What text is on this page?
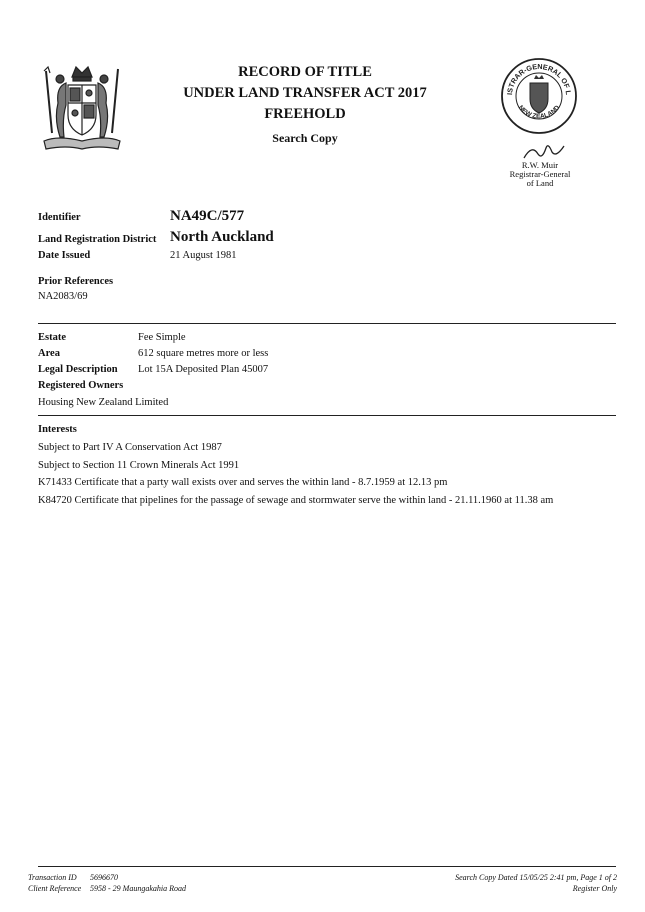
RECORD OF TITLE
UNDER LAND TRANSFER ACT 2017
FREEHOLD
Search Copy
ISTRAR-GENERAL OF L
NEW ZEALAND
R.W. Muir
Registrar-General
of Land
Identifier	NA49C/577
Land Registration District North Auckland
Date Issued	21 August 1981
Prior References
NA2083/69
Estate	Fee Simple
Area	612 square metres more or less
Legal Description Lot 15A Deposited Plan 45007
Registered Owners
Housing New Zealand Limited
Interests
Subject to Part IV A Conservation Act 1987
Subject to Section 11 Crown Minerals Act 1991
K71433 Certificate that a party wall exists over and serves the within land - 8.7.1959 at 12.13 pm
K84720 Certificate that pipelines for the passage of sewage and stormwater serve the within land - 21.11.1960 at 11.38 am
Transaction ID 5696670
Client Reference 5958 - 29 Maungakahia Road
Search Copy Dated 15/05/25 2:41 pm, Page 1 of 2
Register Only
